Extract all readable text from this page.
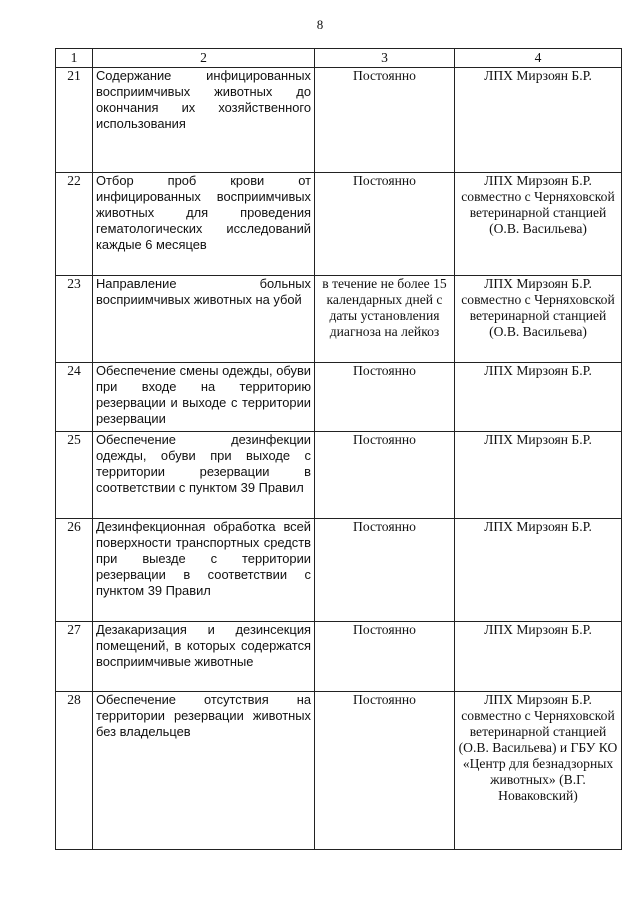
8
1	2	3	4
21	Содержание инфицированных восприимчивых животных до окончания их хозяйственного использования	Постоянно	ЛПХ Мирзоян Б.Р.
22	Отбор проб крови от инфицированных восприимчивых животных для проведения гематологических исследований каждые 6 месяцев	Постоянно	ЛПХ Мирзоян Б.Р. совместно с Черняховской ветеринарной станцией (О.В. Васильева)
23	Направление больных восприимчивых животных на убой	в течение не более 15 календарных дней с даты установления диагноза на лейкоз	ЛПХ Мирзоян Б.Р. совместно с Черняховской ветеринарной станцией (О.В. Васильева)
24	Обеспечение смены одежды, обуви при входе на территорию резервации и выходе с территории резервации	Постоянно	ЛПХ Мирзоян Б.Р.
25	Обеспечение дезинфекции одежды, обуви при выходе с территории резервации в соответствии с пунктом 39 Правил	Постоянно	ЛПХ Мирзоян Б.Р.
26	Дезинфекционная обработка всей поверхности транспортных средств при выезде с территории резервации в соответствии с пунктом 39 Правил	Постоянно	ЛПХ Мирзоян Б.Р.
27	Дезакаризация и дезинсекция помещений, в которых содержатся восприимчивые животные	Постоянно	ЛПХ Мирзоян Б.Р.
28	Обеспечение отсутствия на территории резервации животных без владельцев	Постоянно	ЛПХ Мирзоян Б.Р. совместно с Черняховской ветеринарной станцией (О.В. Васильева) и ГБУ КО «Центр для безнадзорных животных» (В.Г. Новаковский)
